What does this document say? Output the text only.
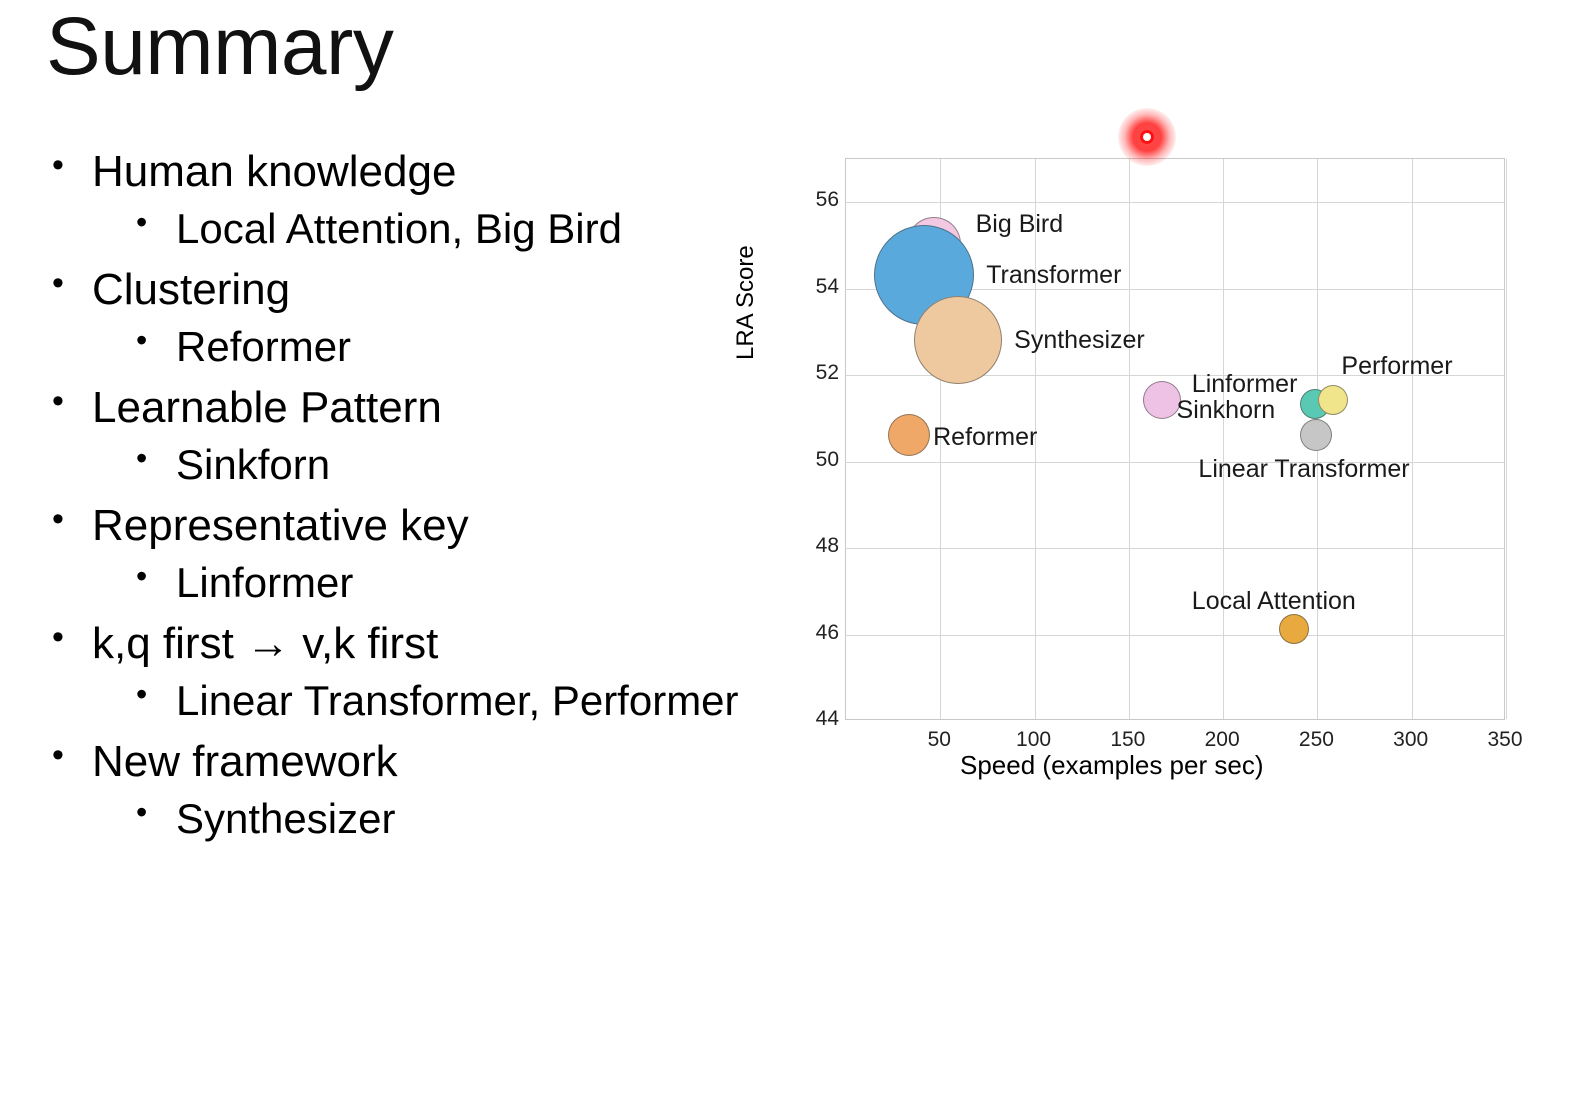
Summary
• Human knowledge
• Local Attention, Big Bird
• Clustering
• Reformer
• Learnable Pattern
• Sinkforn
• Representative key
• Linformer
• k,q first → v,k first
• Linear Transformer, Performer
• New framework
• Synthesizer
LRA Score
Speed (examples per sec)
50	100	150	200	250	300	350
44
46
48
50
52
54
56
Big Bird
Transformer
Synthesizer
Linformer
Sinkhorn
Performer
Reformer
Linear Transformer
Local Attention
